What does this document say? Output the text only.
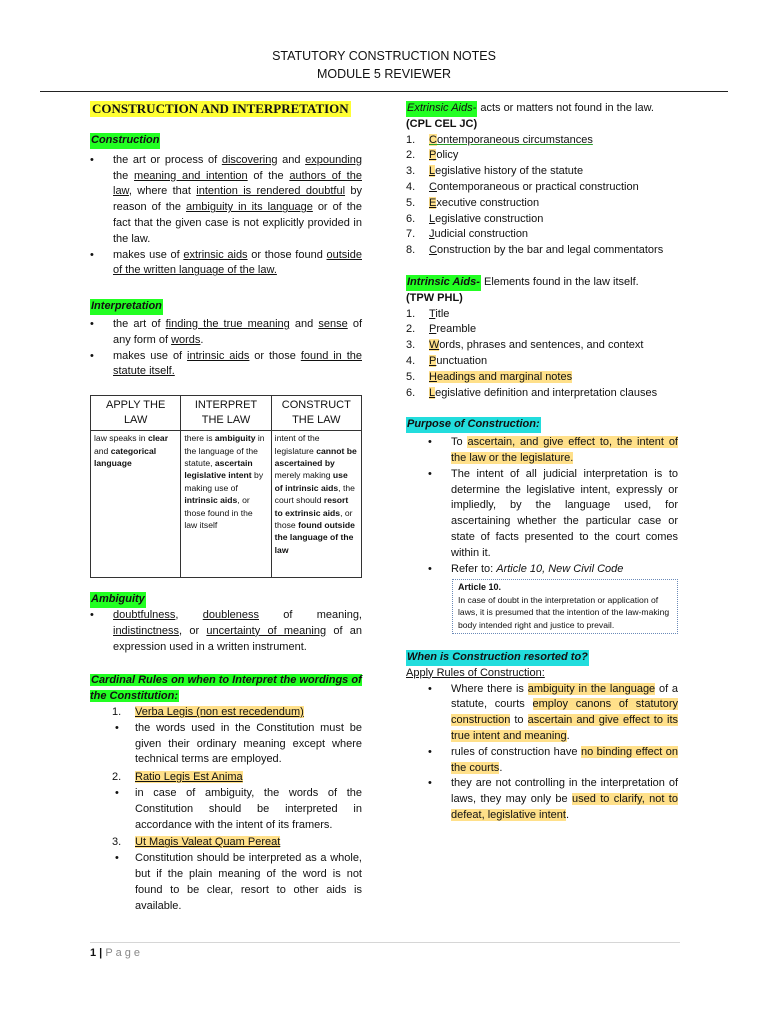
STATUTORY CONSTRUCTION NOTES
MODULE 5 REVIEWER
CONSTRUCTION AND INTERPRETATION
Construction
• the art or process of discovering and expounding the meaning and intention of the authors of the law, where that intention is rendered doubtful by reason of the ambiguity in its language or of the fact that the given case is not explicitly provided in the law.
• makes use of extrinsic aids or those found outside of the written language of the law.
Interpretation
• the art of finding the true meaning and sense of any form of words.
• makes use of intrinsic aids or those found in the statute itself.
APPLY THE LAW	INTERPRET THE LAW	CONSTRUCT THE LAW
law speaks in clear and categorical language	there is ambiguity in the language of the statute, ascertain legislative intent by making use of intrinsic aids, or those found in the law itself	intent of the legislature cannot be ascertained by merely making use of intrinsic aids, the court should resort to extrinsic aids, or those found outside the language of the law
Ambiguity
• doubtfulness, doubleness of meaning, indistinctness, or uncertainty of meaning of an expression used in a written instrument.
Cardinal Rules on when to Interpret the wordings of the Constitution:
1. Verba Legis (non est recedendum)
• the words used in the Constitution must be given their ordinary meaning except where technical terms are employed.
2. Ratio Legis Est Anima
• in case of ambiguity, the words of the Constitution should be interpreted in accordance with the intent of its framers.
3. Ut Magis Valeat Quam Pereat
• Constitution should be interpreted as a whole, but if the plain meaning of the word is not found to be clear, resort to other aids is available.
Extrinsic Aids- acts or matters not found in the law.
(CPL CEL JC)
1. Contemporaneous circumstances
2. Policy
3. Legislative history of the statute
4. Contemporaneous or practical construction
5. Executive construction
6. Legislative construction
7. Judicial construction
8. Construction by the bar and legal commentators
Intrinsic Aids- Elements found in the law itself.
(TPW PHL)
1. Title
2. Preamble
3. Words, phrases and sentences, and context
4. Punctuation
5. Headings and marginal notes
6. Legislative definition and interpretation clauses
Purpose of Construction:
• To ascertain, and give effect to, the intent of the law or the legislature.
• The intent of all judicial interpretation is to determine the legislative intent, expressly or impliedly, by the language used, for ascertaining whether the particular case or state of facts presented to the court comes within it.
• Refer to: Article 10, New Civil Code
Article 10.
In case of doubt in the interpretation or application of laws, it is presumed that the intention of the law-making body intended right and justice to prevail.
When is Construction resorted to?
Apply Rules of Construction:
• Where there is ambiguity in the language of a statute, courts employ canons of statutory construction to ascertain and give effect to its true intent and meaning.
• rules of construction have no binding effect on the courts.
• they are not controlling in the interpretation of laws, they may only be used to clarify, not to defeat, legislative intent.
1 | Page
